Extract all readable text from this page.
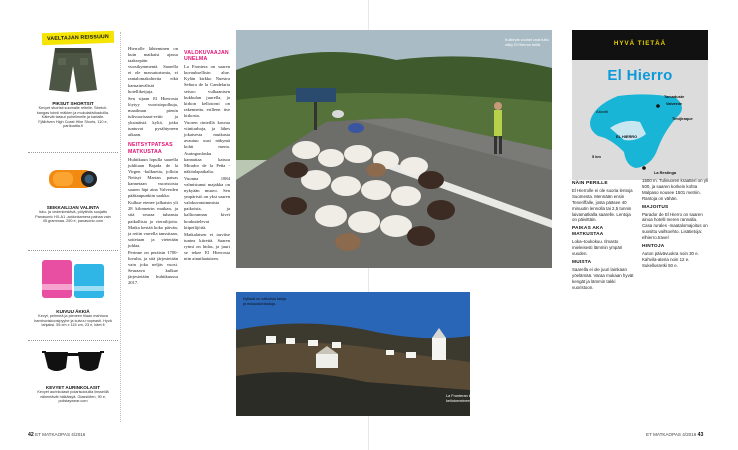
VAELTAJAN REISSUUN
PIKSUT SHORTSIT
Kevyet shortsit suomalle reitelle. Stretch-kangas toimii mäkien ja mukulakivikaduilla. Kätevät taskut puhelimelle ja kartalle. Fjällräven High Coast Hike Shorts, 110 e, partioaitta.fi
SEIKKAILIJAN VALINTA
Isku- ja vedenkestävä, pölytiiviis suojattu Panasonic HX-A1 -actionkamera painaa vain 45 grammaa. 250 e, panasonic.com
KUIVUU ÄKKIÄ
Kevyt, pehmeä ja pieneen tilaan mahtuva bambuviskoosipyyhe ja kuivuu nopeasti. Hyvä lahjaksi, 55 cm x 115 cm, 23 e, käet.fi
KEVYET AURINKOLASIT
Kevyet aurinkolasit polarisoiduilla linsseillä vähentävät häikäisyä. Glasslöfen, 90 e, polistaywear.com

Hierrolle lähteminen on kuin matkaisi ajassa taaksepäin vuosikymmeniä. Saarella ei ole massaturismia, ei rantalomakohteita eikä kansainvälisiä hotelliketjuja.

Sen sijaan El Hierrosta löytyy vuoristopolkuja, maailman pienin tulivuorisaari-reitti ja yksinäisiä kyliä, jotka tuntuvat pysähtyneen aikaan.

NEITSYTPATSAS MATKUSTAA

Huhtikuun lopulla saarella juhlitaan Bajada de la Virgen -kulkuetta, jolloin Neitsyt Marian patsas kannetaan vuoristosta saaren läpi aina Valverden pääkaupunkiin saakka.

Kulkue etenee jalkaisin yli 28 kilometrin matkan, ja sitä seuraa tuhansia paikallisia ja vierailijoita. Matka kestää koko päivän, ja reitin varrella tanssitaan, soitetaan ja vietetään juhlaa.

Perinne on peräisin 1700-luvulta, ja sitä järjestetään vain joka neljäs vuosi. Seuraava kulkue järjestetään huhtikuussa 2017.

VALOKUVAAJAN UNELMA

La Frontera on saaren kuvauksellisin alue. Kylän kirkko Nuestra Señora de la Candelaria seisoo vulkaanisen kukkulan juurella, ja kirkon kellotorni on rakennettu erilleen itse kirkosta.

Vuoren rinteillä kasvaa viinitarhoja, ja lähes jokaisesta mutkasta avautuu uusi näkymä kohti merta. Auringonlasku kannattaa katsoa Mirador de la Peña -näköalapaikalta.

Vuonna 1884 valmistunut majakka on nykyään museo. Sen ympäristö on yksi saaren valokuvatuimmista paikoista, ja kalliorannan kivet houkuttelevat kiipeilijöitä.

Matkalaisen ei tarvitse tuntea kiirettä. Saaren rytmi on hidas, ja juuri se tekee El Hierrosta niin ainutlaatuisen.

Kulkevat vuohet ovat tuttu näky El Hierron teillä.
Kylissä on valkoisia taloja ja mukulakivikatuja.
La Fronteran kirkko kellotorneineen.
HYVÄ TIETÄÄ
El Hierro
Tamaduste
Valverde
Atlantti
Timijiraque
EL HIERRO
5 km
La Restinga
NÄIN PERILLE

El Hierrolle ei ole suoria lentoja Suomesta. Mennään ensin Teneriffalle, josta pääsee 40 minuutin lennolla tai 2,5 tunnin laivamatkalla saarelle. Lentoja on päivittäin.

PAIKAS AKA MATKUSTAA

Loka–toukokuu. Ilmasto mieleisesti lämmin ympäri vuoden.

MUISTA

Saarella ei ole juuri lainkaan yöelämää. Varaa mukaan hyvät kengät ja lämmin takki vuoristoon.

1500 m. Tulivuoren kraatteri on yli 500, ja saaren korkein kohta Malpaso nousee 1501 metriin. Rantoja on vähän.

MAJOITUS

Parador de El Hierro on saaren ainoa hotelli meren rannalla. Casa rurales -maatalomajoitus on suosittu vaihtoehto. Lisätietoja: elhierro.travel

HINTOJA

Auton päivävuokra noin 30 e. Kahvila-ateria noin 12 e. Sukellusretki 50 e.

42 ET MATKAOPAS 4/2016	ET MATKAOPAS 4/2016 43
